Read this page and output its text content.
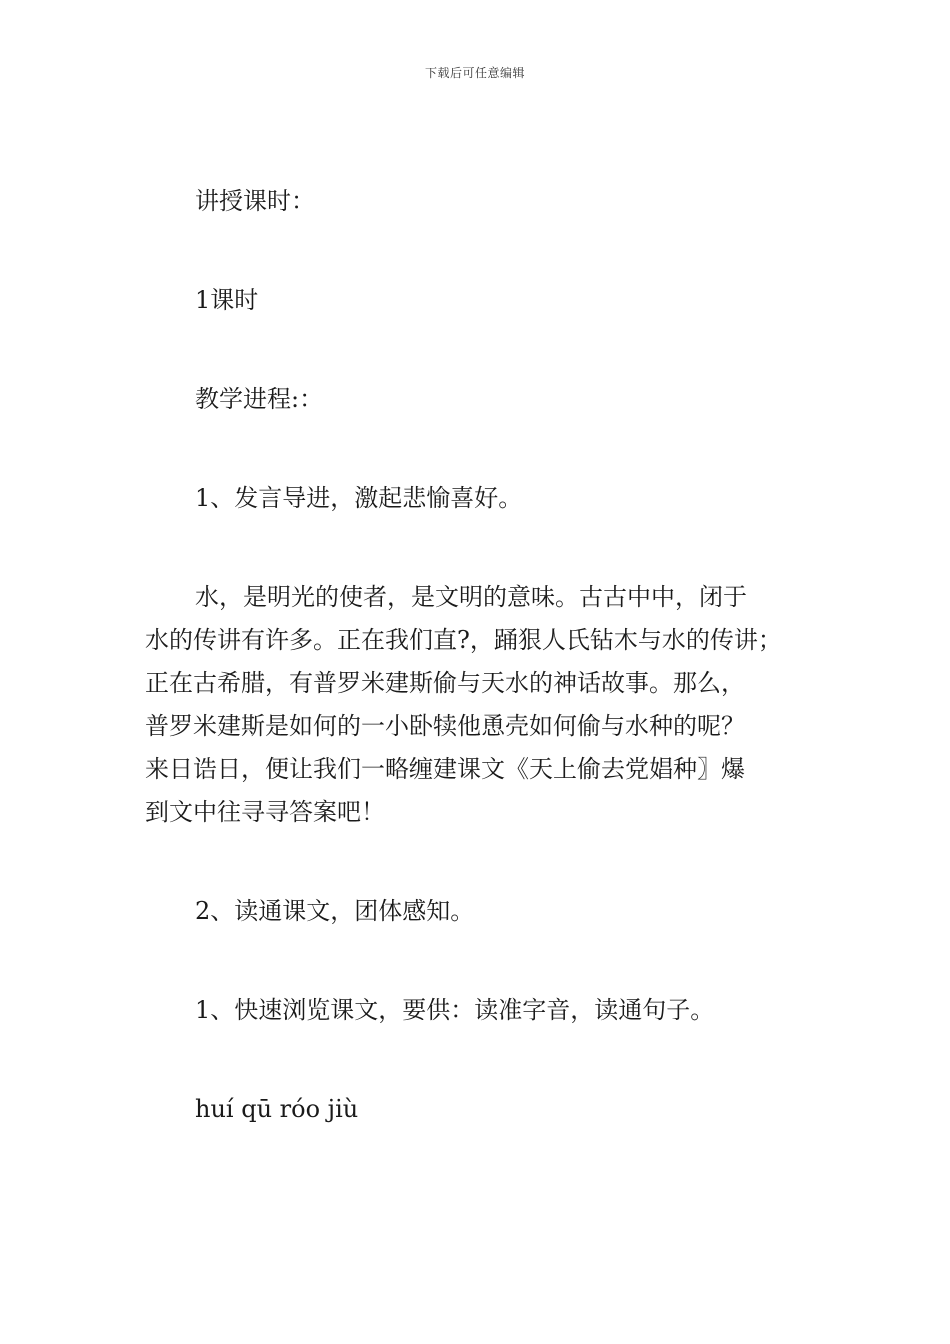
下载后可任意编辑

讲授课时：

1课时

教学进程:：

1、发言导进，激起悲愉喜好。

水，是明光的使者，是文明的意味。古古中中，闭于
水的传讲有许多。正在我们直?，踊狠人氏钻木与水的传讲；
正在古希腊，有普罗米建斯偷与天水的神话故事。那么，
普罗米建斯是如何的一小卧犊他恿壳如何偷与水种的呢？
来日诰日，便让我们一略缠建课文《天上偷去党娼种〗爆
到文中往寻寻答案吧！

2、读通课文，团体感知。

1、快速浏览课文，要供：读准字音，读通句子。

huí qū róo jiù
